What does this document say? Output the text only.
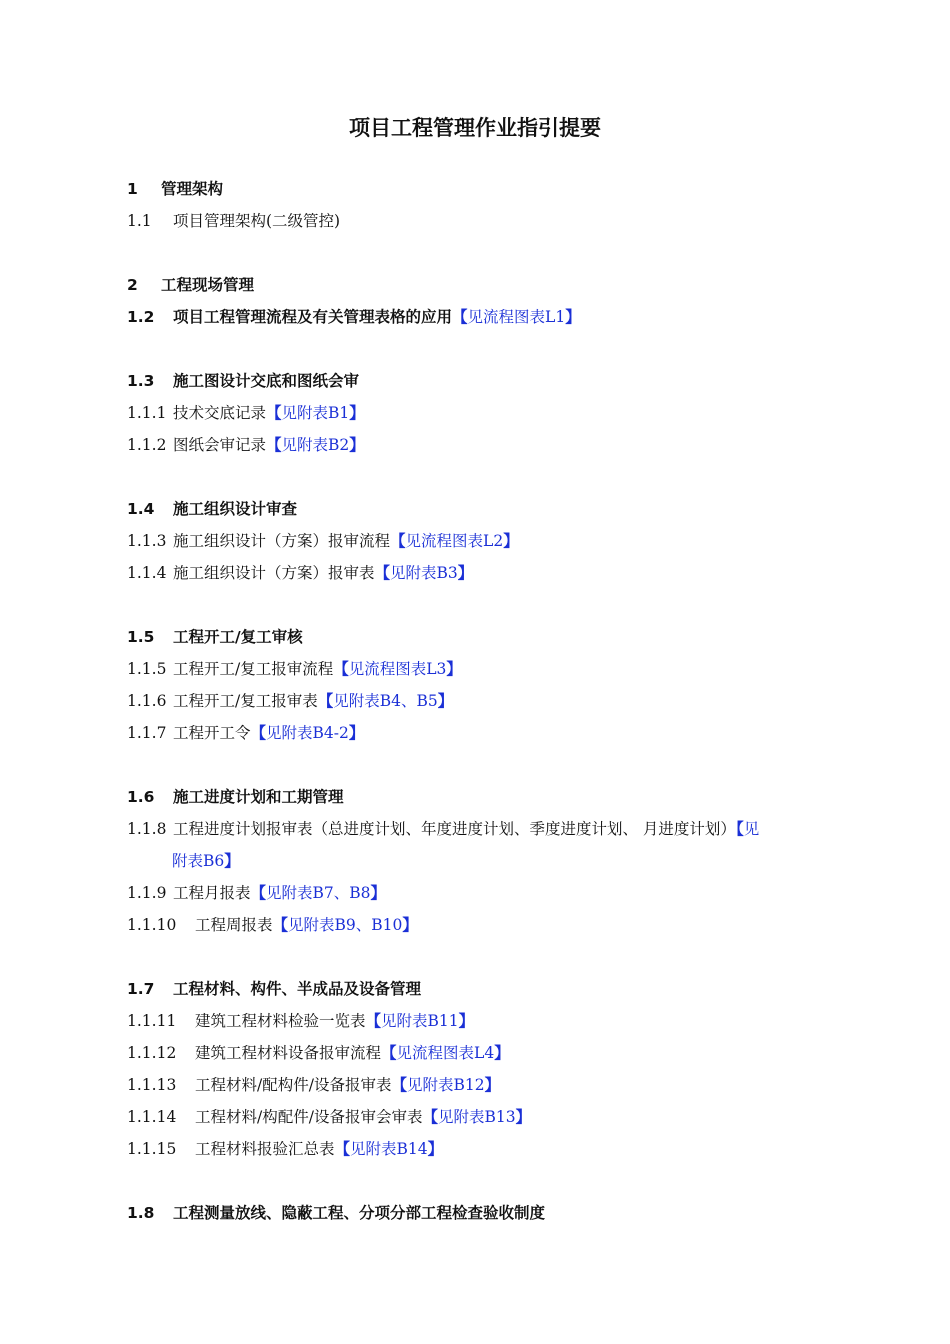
项目工程管理作业指引提要
1 管理架构
1.1 项目管理架构(二级管控)
2 工程现场管理
1.2 项目工程管理流程及有关管理表格的应用【见流程图表L1】
1.3 施工图设计交底和图纸会审
1.1.1 技术交底记录【见附表B1】
1.1.2 图纸会审记录【见附表B2】
1.4 施工组织设计审查
1.1.3 施工组织设计（方案）报审流程【见流程图表L2】
1.1.4 施工组织设计（方案）报审表【见附表B3】
1.5 工程开工/复工审核
1.1.5 工程开工/复工报审流程【见流程图表L3】
1.1.6 工程开工/复工报审表【见附表B4、B5】
1.1.7 工程开工令【见附表B4-2】
1.6 施工进度计划和工期管理
1.1.8 工程进度计划报审表（总进度计划、年度进度计划、季度进度计划、 月进度计划）【见
附表B6】
1.1.9 工程月报表【见附表B7、B8】
1.1.10 工程周报表【见附表B9、B10】
1.7 工程材料、构件、半成品及设备管理
1.1.11 建筑工程材料检验一览表【见附表B11】
1.1.12 建筑工程材料设备报审流程【见流程图表L4】
1.1.13 工程材料/配构件/设备报审表【见附表B12】
1.1.14 工程材料/构配件/设备报审会审表【见附表B13】
1.1.15 工程材料报验汇总表【见附表B14】
1.8 工程测量放线、隐蔽工程、分项分部工程检查验收制度
